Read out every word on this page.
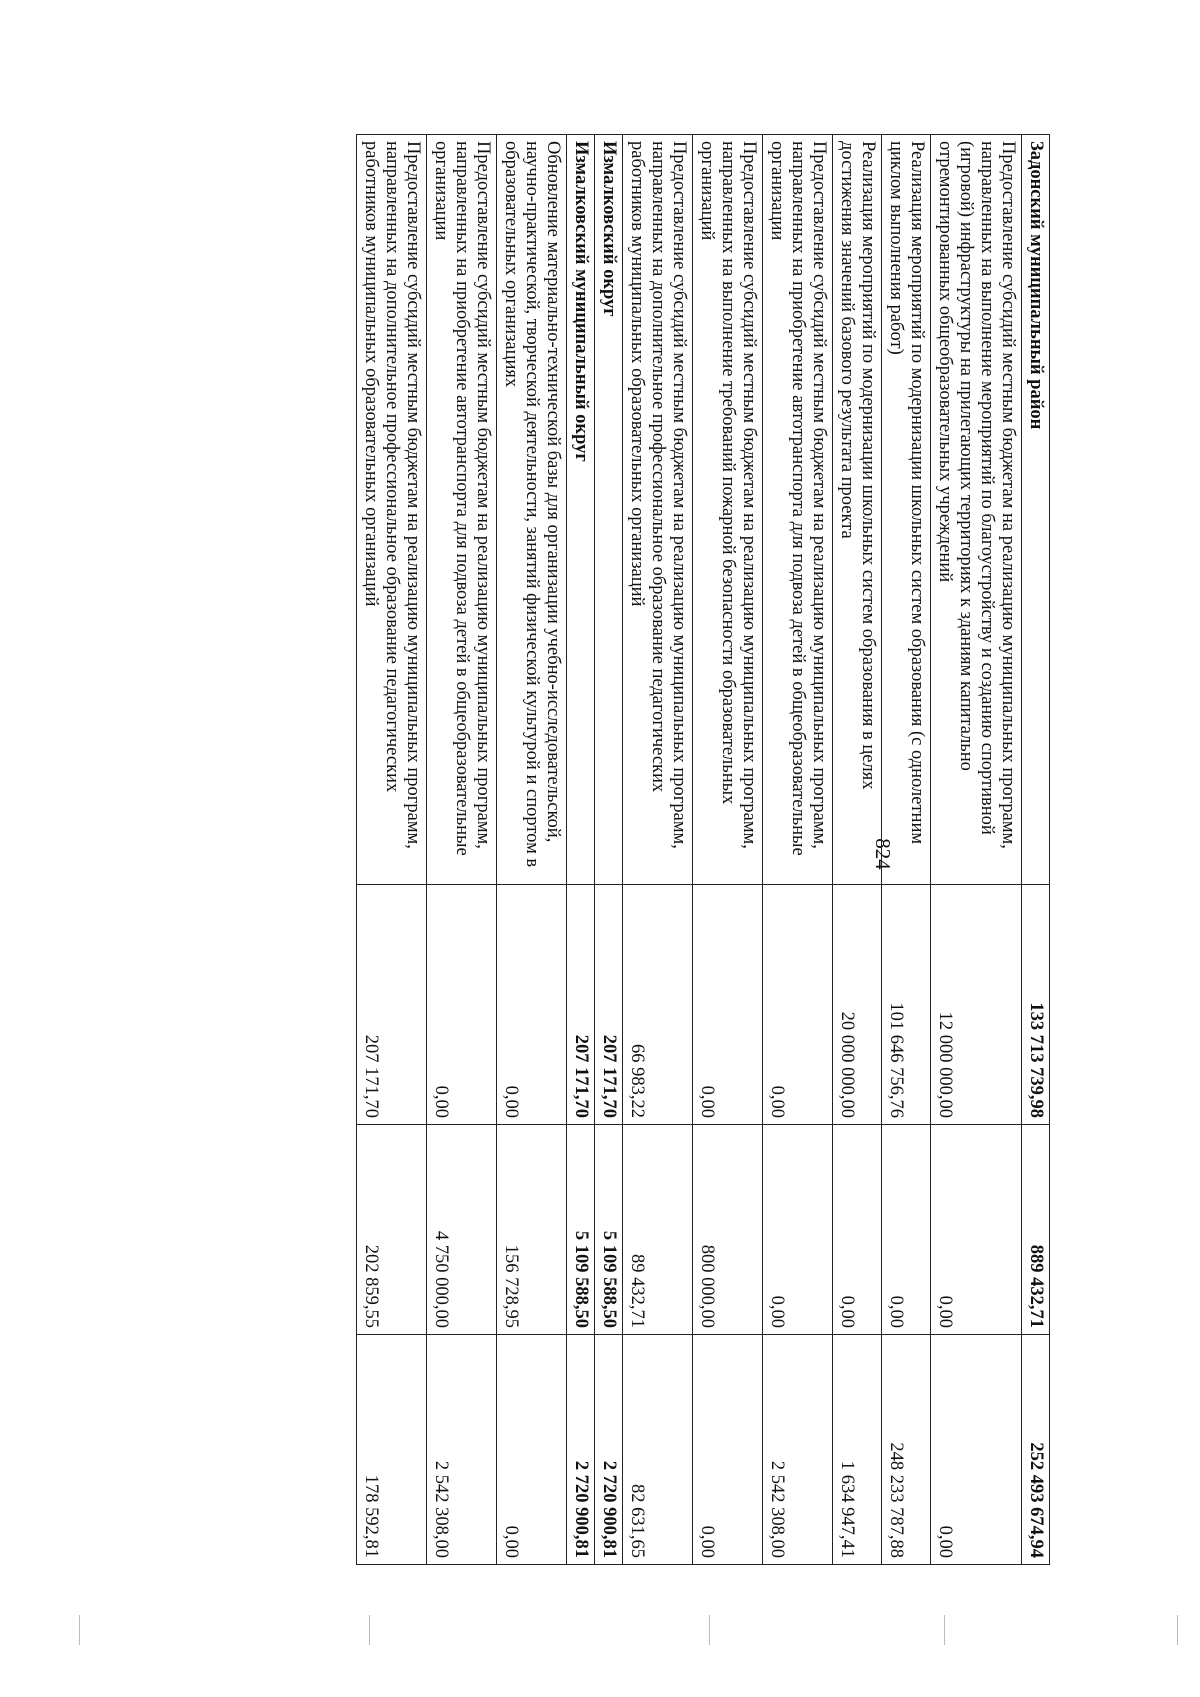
824
Задонский муниципальный район	133 713 739,98	889 432,71	252 493 674,94
Предоставление субсидий местным бюджетам на реализацию муниципальных программ, направленных на выполнение мероприятий по благоустройству и созданию спортивной (игровой) инфраструктуры на прилегающих территориях к зданиям капитально отремонтированных общеобразовательных учреждений	12 000 000,00	0,00	0,00
Реализация мероприятий по модернизации школьных систем образования (с однолетним циклом выполнения работ)	101 646 756,76	0,00	248 233 787,88
Реализация мероприятий по модернизации школьных систем образования в целях достижения значений базового результата проекта	20 000 000,00	0,00	1 634 947,41
Предоставление субсидий местным бюджетам на реализацию муниципальных программ, направленных на приобретение автотранспорта для подвоза детей в общеобразовательные организации	0,00	0,00	2 542 308,00
Предоставление субсидий местным бюджетам на реализацию муниципальных программ, направленных на выполнение требований пожарной безопасности образовательных организаций	0,00	800 000,00	0,00
Предоставление субсидий местным бюджетам на реализацию муниципальных программ, направленных на дополнительное профессиональное образование педагогических работников муниципальных образовательных организаций	66 983,22	89 432,71	82 631,65
Измалковский округ	207 171,70	5 109 588,50	2 720 900,81
Измалковский муниципальный округ	207 171,70	5 109 588,50	2 720 900,81
Обновление материально-технической базы для организации учебно-исследовательской, научно-практической, творческой деятельности, занятий физической культурой и спортом в образовательных организациях	0,00	156 728,95	0,00
Предоставление субсидий местным бюджетам на реализацию муниципальных программ, направленных на приобретение автотранспорта для подвоза детей в общеобразовательные организации	0,00	4 750 000,00	2 542 308,00
Предоставление субсидий местным бюджетам на реализацию муниципальных программ, направленных на дополнительное профессиональное образование педагогических работников муниципальных образовательных организаций	207 171,70	202 859,55	178 592,81
